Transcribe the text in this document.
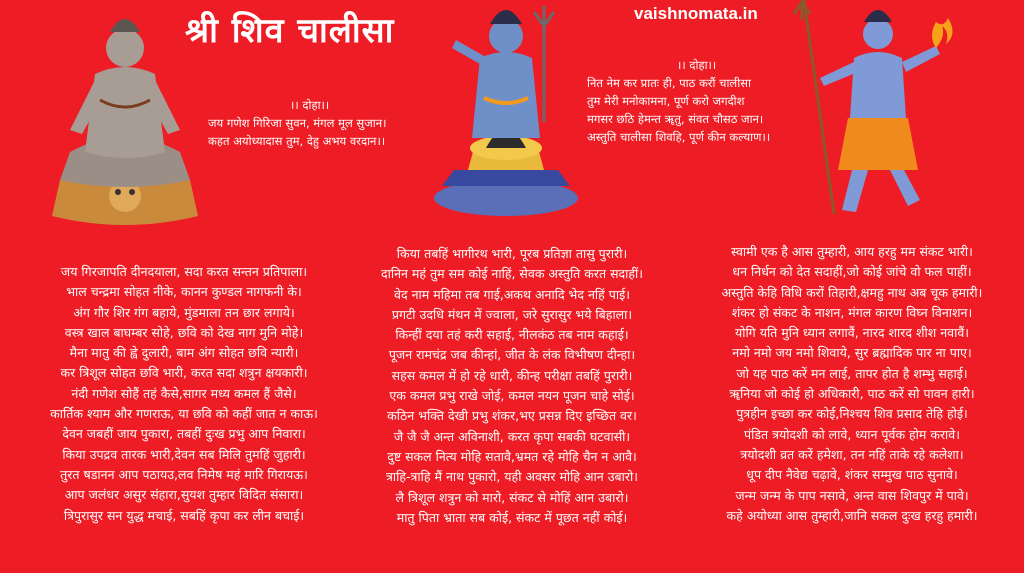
श्री शिव चालीसा	vaishnomata.in
।। दोहा।।
जय गणेश गिरिजा सुवन, मंगल मूल सुजान।
कहत अयोध्यादास तुम, देहु अभय वरदान।।
।। दोहा।।
नित नेम कर प्रातः ही, पाठ करौं चालीसा
तुम मेरी मनोकामना, पूर्ण करो जगदीश
मगसर छठि हेमन्त ॠतु, संवत चौसठ जान।
अस्तुति चालीसा शिवहि, पूर्ण कीन कल्याण।।
जय गिरजापति दीनदयाला, सदा करत सन्तन प्रतिपाला।
भाल चन्द्रमा सोहत नीके, कानन कुण्डल नागफनी के।
अंग गौर शिर गंग बहाये, मुंडमाला तन छार लगाये।
वस्त्र खाल बाघम्बर सोहे, छवि को देख नाग मुनि मोहे।
मैना मातु की ह्वे दुलारी, बाम अंग सोहत छवि न्यारी।
कर त्रिशूल सोहत छवि भारी, करत सदा शत्रुन क्षयकारी।
नंदी गणेश सोहैं तहं कैसे,सागर मध्य कमल हैं जैसे।
कार्तिक श्याम और गणराऊ, या छवि को कहीं जात न काऊ।
देवन जबहीं जाय पुकारा, तबहीं दुःख प्रभु आप निवारा।
किया उपद्रव तारक भारी,देवन सब मिलि तुमहिं जुहारी।
तुरत षडानन आप पठायउ,लव निमेष महं मारि गिरायऊ।
आप जलंधर असुर संहारा,सुयश तुम्हार विदित संसारा।
त्रिपुरासुर सन युद्ध मचाई, सबहिं कृपा कर लीन बचाई।
किया तबहिं भागीरथ भारी, पूरब प्रतिज्ञा तासु पुरारी।
दानिन महं तुम सम कोई नाहिं, सेवक अस्तुति करत सदाहीं।
वेद नाम महिमा तब गाई,अकथ अनादि भेद नहिं पाई।
प्रगटी उदधि मंथन में ज्वाला, जरे सुरासुर भये बिहाला।
किन्हीं दया तहं करी सहाई, नीलकंठ तब नाम कहाई।
पूजन रामचंद्र जब कीन्हां, जीत के लंक विभीषण दीन्हा।
सहस कमल में हो रहे धारी, कीन्ह परीक्षा तबहिं पुरारी।
एक कमल प्रभु राखे जोई, कमल नयन पूजन चाहे सोई।
कठिन भक्ति देखी प्रभु शंकर,भए प्रसन्न दिए इच्छित वर।
जै जै जै अन्त अविनाशी, करत कृपा सबकी घटवासी।
दुष्ट सकल नित्य मोहि सतावै,भ्रमत रहे मोहि चैन न आवै।
त्राहि-त्राहि मैं नाथ पुकारो, यही अवसर मोहि आन उबारो।
लै त्रिशूल शत्रुन को मारो, संकट से मोहिं आन उबारो।
मातु पिता भ्राता सब कोई, संकट में पूछत नहीं कोई।
स्वामी एक है आस तुम्हारी, आय हरहु मम संकट भारी।
धन निर्धन को देत सदाहीं,जो कोई जांचे वो फल पाहीं।
अस्तुति केहि विधि करों तिहारी,क्षमहु नाथ अब चूक हमारी।
शंकर हो संकट के नाशन, मंगल कारण विघ्न विनाशन।
योगि यति मुनि ध्यान लगावैं, नारद शारद शीश नवावैं।
नमो नमो जय नमो शिवाये, सुर ब्रह्मादिक पार ना पाए।
जो यह पाठ करें मन लाई, तापर होत है शम्भु सहाई।
ॠनिया जो कोई हो अधिकारी, पाठ करें सो पावन हारी।
पुत्रहीन इच्छा कर कोई,निश्चय शिव प्रसाद तेहि होई।
पंडित त्रयोदशी को लावे, ध्यान पूर्वक होम करावे।
त्रयोदशी व्रत करें हमेशा, तन नहिं ताके रहे कलेशा।
धूप दीप नैवेद्य चढ़ावे, शंकर सम्मुख पाठ सुनावे।
जन्म जन्म के पाप नसावे, अन्त वास शिवपुर में पावे।
कहे अयोध्या आस तुम्हारी,जानि सकल दुःख हरहु हमारी।
